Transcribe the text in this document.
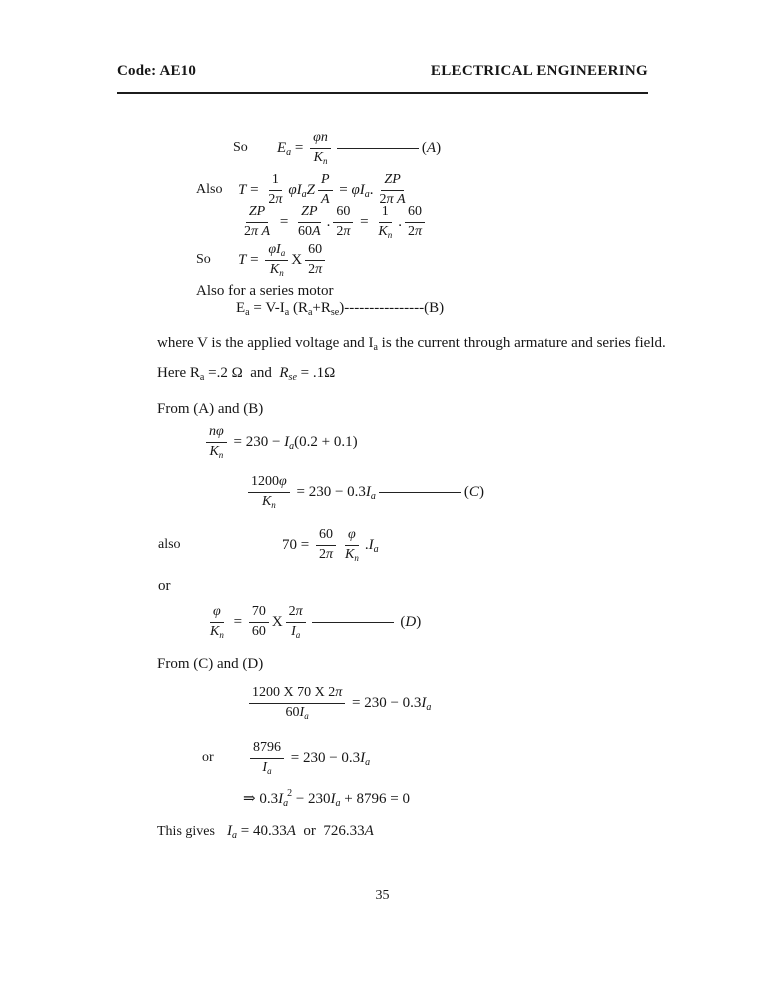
Code: AE10	ELECTRICAL ENGINEERING
So	E $a = \frac{\varphi n}{K_n}$	( A )
Also	$T = \frac{1}{2\pi}$ φI a Z $\frac{P}{A} = \varphi I$ a . $\frac{ZP}{\text{2π A}}$
$\frac{ZP}{\text{2π A}} = \frac{ZP}{60A}$ . $\frac{60}{2\pi} = \frac{1}{K_n}$ . $\frac{60}{2\pi}$
So	$T = \frac{\varphi I_a}{K_n}$ X $\frac{60}{2\pi}$
Also for a series motor
E a = V-I a (R a +R se )----------------(B)
where V is the applied voltage and I a is the current through armature and series field.
Here R a =.2 Ω  and R se = .1Ω
From (A) and (B)
$\frac{n\varphi}{K_n} = 230 - I$ a (0.2 + 0.1)
$\frac{1200\varphi}{K_n} = 230 - 0.3$ I a	( C )
also	$70 = \frac{60}{2\pi} \frac{\varphi}{K_n}$ . I a
or
$\frac{\varphi}{K_n} = \frac{70}{60}$ X $\frac{2\pi}{I_a}$	( D )
From (C) and (D)
$\frac{1200 X 70 X 2\pi}{60I_a} = 230 - 0.3$ I a
or	$\frac{8796}{I_a} = 230 - 0.3$ I a
⇒ 0.3 I a
2 − 230 I a + 8796 = 0
This gives I a = 40.33 A or  726.33 A
35
